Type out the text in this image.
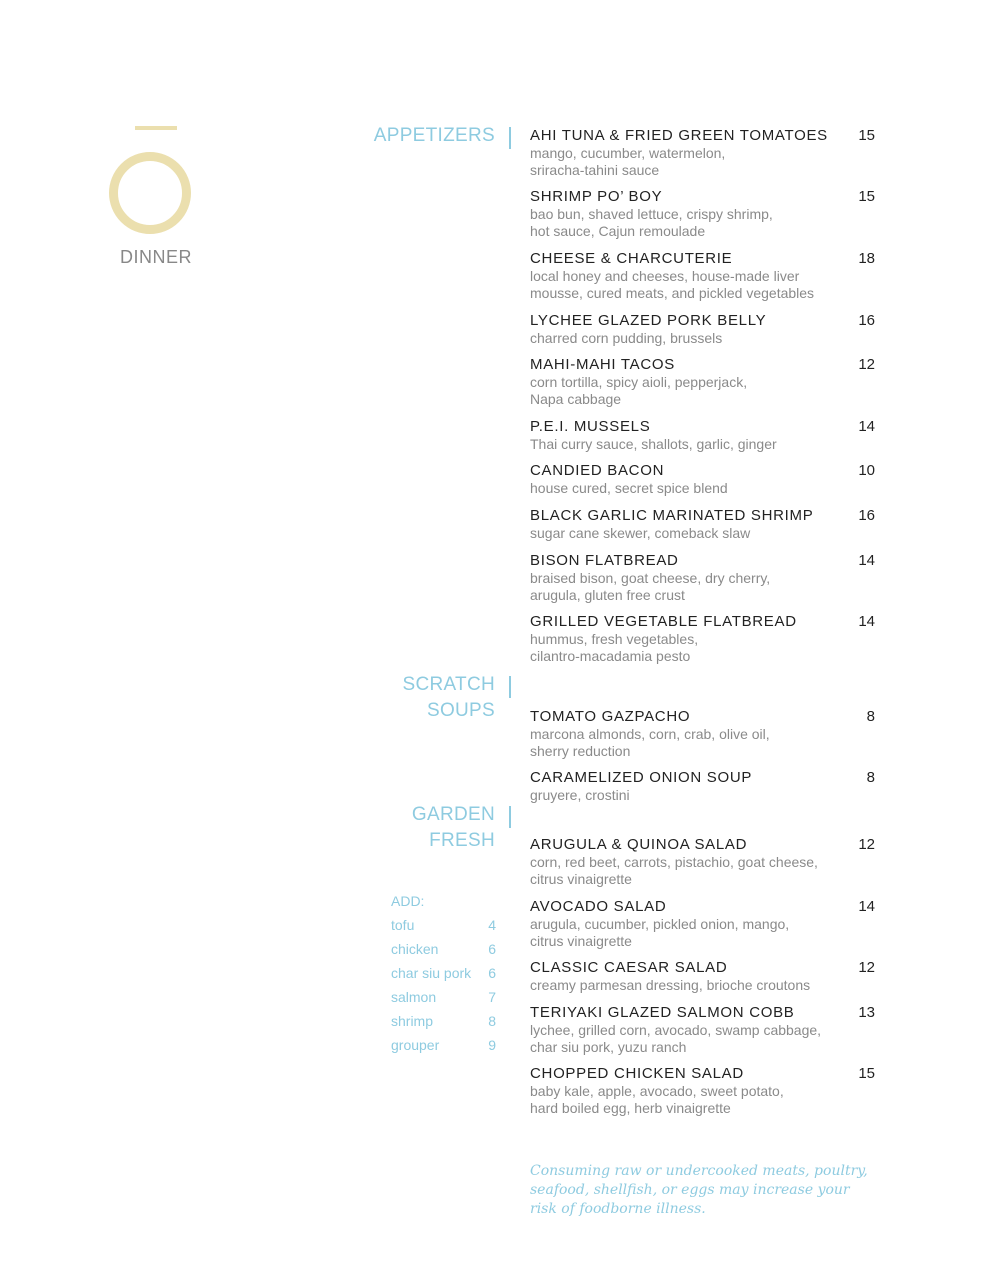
DINNER
APPETIZERS
SCRATCH
SOUPS
GARDEN
FRESH
AHI TUNA & FRIED GREEN TOMATOES	15
mango, cucumber, watermelon,
sriracha-tahini sauce
SHRIMP PO’ BOY	15
bao bun, shaved lettuce, crispy shrimp,
hot sauce, Cajun remoulade
CHEESE & CHARCUTERIE	18
local honey and cheeses, house-made liver
mousse, cured meats, and pickled vegetables
LYCHEE GLAZED PORK BELLY	16
charred corn pudding, brussels
MAHI-MAHI TACOS	12
corn tortilla, spicy aioli, pepperjack,
Napa cabbage
P.E.I. MUSSELS	14
Thai curry sauce, shallots, garlic, ginger
CANDIED BACON	10
house cured, secret spice blend
BLACK GARLIC MARINATED SHRIMP	16
sugar cane skewer, comeback slaw
BISON FLATBREAD	14
braised bison, goat cheese, dry cherry,
arugula, gluten free crust
GRILLED VEGETABLE FLATBREAD	14
hummus, fresh vegetables,
cilantro-macadamia pesto
TOMATO GAZPACHO	8
marcona almonds, corn, crab, olive oil,
sherry reduction
CARAMELIZED ONION SOUP	8
gruyere, crostini
ARUGULA & QUINOA SALAD	12
corn, red beet, carrots, pistachio, goat cheese,
citrus vinaigrette
AVOCADO SALAD	14
arugula, cucumber, pickled onion, mango,
citrus vinaigrette
CLASSIC CAESAR SALAD	12
creamy parmesan dressing, brioche croutons
TERIYAKI GLAZED SALMON COBB	13
lychee, grilled corn, avocado, swamp cabbage,
char siu pork, yuzu ranch
CHOPPED CHICKEN SALAD	15
baby kale, apple, avocado, sweet potato,
hard boiled egg, herb vinaigrette
ADD:
tofu	4
chicken	6
char siu pork 6
salmon	7
shrimp	8
grouper	9
Consuming raw or undercooked meats, poultry, seafood, shellfish, or eggs may increase your risk of foodborne illness.
